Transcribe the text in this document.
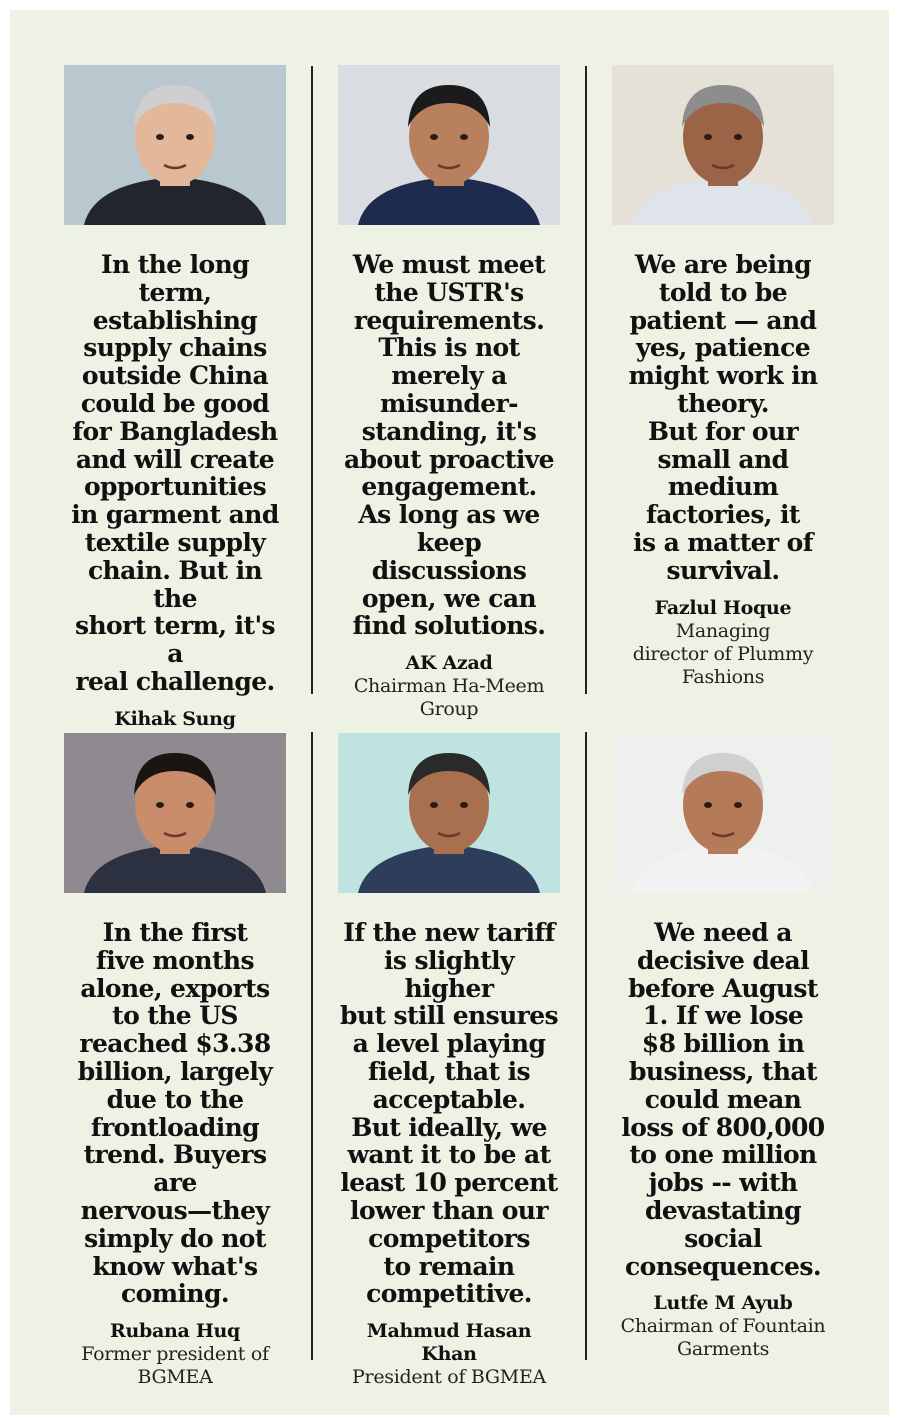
In the long term,
establishing
supply chains
outside China
could be good
for Bangladesh
and will create
opportunities
in garment and
textile supply
chain. But in the
short term, it's a
real challenge.
Kihak Sung
We must meet
the USTR's
requirements.
This is not
merely a
misunder-
standing, it's
about proactive
engagement.
As long as we
keep discussions
open, we can
find solutions.
AK Azad
Chairman Ha-Meem
Group
We are being
told to be
patient — and
yes, patience
might work in
theory.
But for our
small and
medium
factories, it
is a matter of
survival.
Fazlul Hoque
Managing
director of Plummy
Fashions
In the first
five months
alone, exports
to the US
reached $3.38
billion, largely
due to the
frontloading
trend. Buyers are
nervous—they
simply do not
know what's
coming.
Rubana Huq
Former president of
BGMEA
If the new tariff
is slightly higher
but still ensures
a level playing
field, that is
acceptable.
But ideally, we
want it to be at
least 10 percent
lower than our
competitors
to remain
competitive.
Mahmud Hasan
Khan
President of BGMEA
We need a
decisive deal
before August
1. If we lose
$8 billion in
business, that
could mean
loss of 800,000
to one million
jobs -- with
devastating
social
consequences.
Lutfe M Ayub
Chairman of Fountain
Garments
